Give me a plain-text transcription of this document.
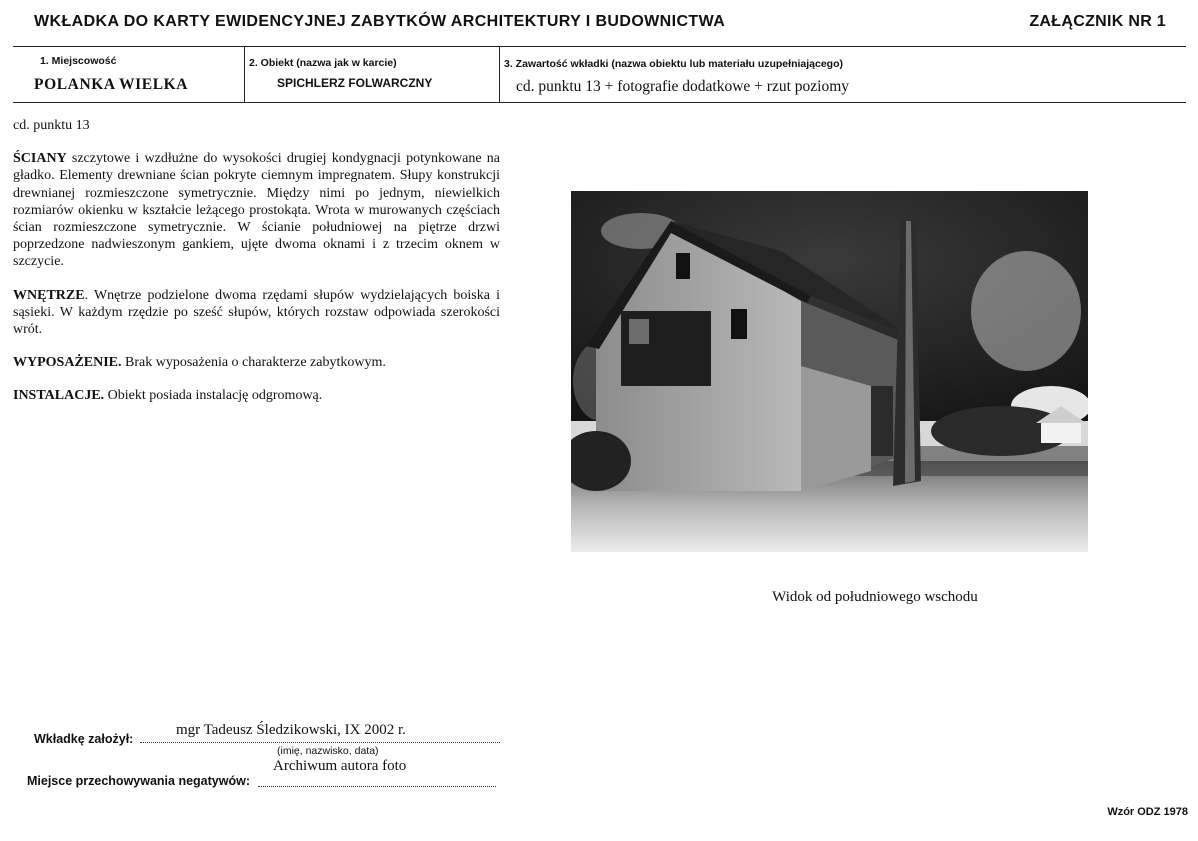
WKŁADKA DO KARTY EWIDENCYJNEJ ZABYTKÓW ARCHITEKTURY I BUDOWNICTWA	ZAŁĄCZNIK NR 1
1. Miejscowość
POLANKA WIELKA
2. Obiekt (nazwa jak w karcie)
SPICHLERZ FOLWARCZNY
3. Zawartość wkładki (nazwa obiektu lub materiału uzupełniającego)
cd. punktu 13 + fotografie dodatkowe + rzut poziomy

cd. punktu 13

ŚCIANY szczytowe i wzdłużne do wysokości drugiej kondygnacji potynkowane na gładko. Elementy drewniane ścian pokryte ciemnym impregnatem. Słupy konstrukcji drewnianej rozmieszczone symetrycznie. Między nimi po jednym, niewielkich rozmiarów okienku w kształcie leżącego prostokąta. Wrota w murowanych częściach ścian rozmieszczone symetrycznie. W ścianie południowej na piętrze drzwi poprzedzone nadwieszonym gankiem, ujęte dwoma oknami i z trzecim oknem w szczycie.

WNĘTRZE. Wnętrze podzielone dwoma rzędami słupów wydzielających boiska i sąsieki. W każdym rzędzie po sześć słupów, których rozstaw odpowiada szerokości wrót.

WYPOSAŻENIE. Brak wyposażenia o charakterze zabytkowym.

INSTALACJE. Obiekt posiada instalację odgromową.

Widok od południowego wschodu
Wkładkę założył:
mgr Tadeusz Śledzikowski, IX 2002 r.
(imię, nazwisko, data)
Archiwum autora foto
Miejsce przechowywania negatywów:
Wzór ODZ 1978
